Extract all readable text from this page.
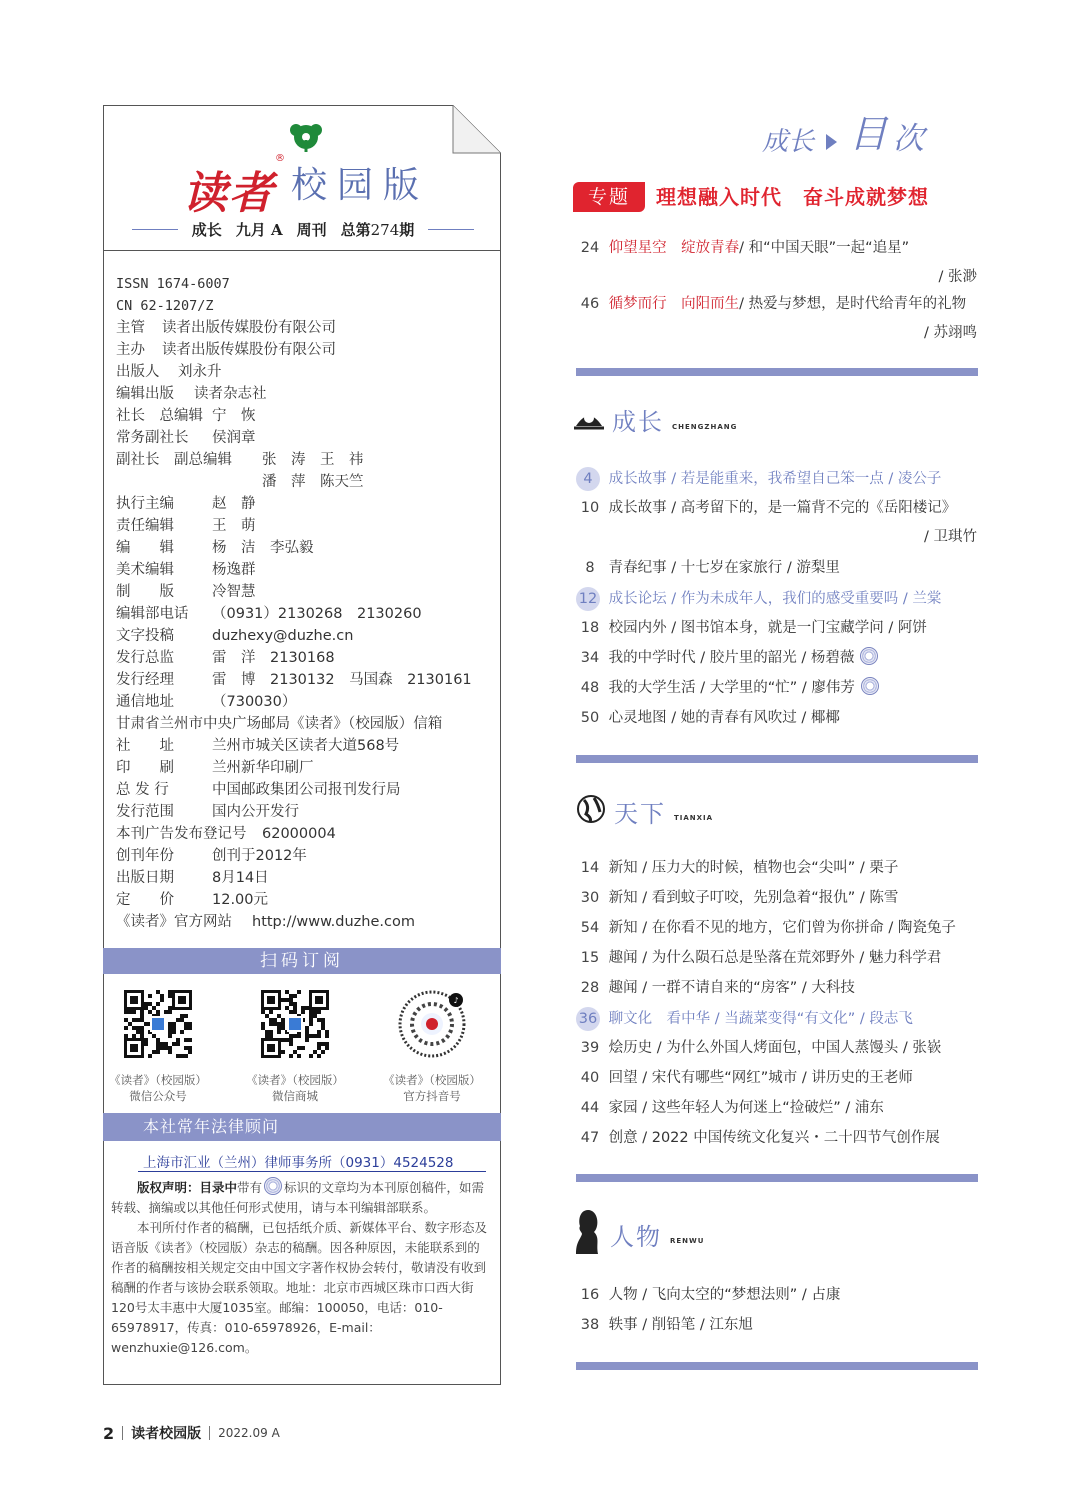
读者
®
校园版
成长 九月 A 周刊 总第274期
ISSN 1674-6007
CN 62-1207/Z
主管 读者出版传媒股份有限公司
主办 读者出版传媒股份有限公司
出版人 刘永升
编辑出版 读者杂志社
社长　总编辑 宁　恢
常务副社长 侯润章
副社长　副总编辑 张　涛　王　祎
潘　萍　陈天竺
执行主编	赵　静
责任编辑	王　萌
编　　辑	杨　洁　李弘毅
美术编辑	杨逸群
制　　版	冷智慧
编辑部电话 （0931）2130268　2130260
文字投稿	duzhexy@duzhe.cn
发行总监	雷　洋　2130168
发行经理	雷　博　2130132　马国森　2130161
通信地址	（730030）
甘肃省兰州市中央广场邮局《读者》（校园版）信箱
社　　址	兰州市城关区读者大道568号
印　　刷	兰州新华印刷厂
总 发 行	中国邮政集团公司报刊发行局
发行范围	国内公开发行
本刊广告发布登记号 62000004
创刊年份	创刊于2012年
出版日期	8月14日
定　　价	12.00元
《读者》官方网站 http://www.duzhe.com
扫码订阅
《读者》（校园版）
微信公众号
《读者》（校园版）
微信商城
♪
《读者》（校园版）
官方抖音号
本社常年法律顾问
上海市汇业（兰州）律师事务所（0931）4524528

版权声明：目录中带有 标识的文章均为本刊原创稿件，如需转载、摘编或以其他任何形式使用，请与本刊编辑部联系。

本刊所付作者的稿酬，已包括纸介质、新媒体平台、数字形态及语音版《读者》（校园版）杂志的稿酬。因各种原因，未能联系到的作者的稿酬按相关规定交由中国文字著作权协会转付，敬请没有收到稿酬的作者与该协会联系领取。地址：北京市西城区珠市口西大街120号太丰惠中大厦1035室。邮编：100050，电话：010-65978917，传真：010-65978926，E-mail：wenzhuxie@126.com。

2 读者校园版 2022.09 A
成长 目 次
专题	理想融入时代　奋斗成就梦想
24 仰望星空　绽放青春/ 和“中国天眼”一起“追星”
/ 张渺
46 循梦而行　向阳而生/ 热爱与梦想，是时代给青年的礼物
/ 苏翊鸣
成长 CHENGZHANG
天下 TIANXIA
人物 RENWU
4 成长故事 / 若是能重来，我希望自己笨一点 / 凌公子
10 成长故事 / 高考留下的，是一篇背不完的《岳阳楼记》
/ 卫琪竹
8 青春纪事 / 十七岁在家旅行 / 游梨里
12 成长论坛 / 作为未成年人，我们的感受重要吗 / 兰棠
18 校园内外 / 图书馆本身，就是一门宝藏学问 / 阿饼
34 我的中学时代 / 胶片里的韶光 / 杨碧薇
48 我的大学生活 / 大学里的“忙” / 廖伟芳
50 心灵地图 / 她的青春有风吹过 / 椰椰
14 新知 / 压力大的时候，植物也会“尖叫” / 栗子
30 新知 / 看到蚊子叮咬，先别急着“报仇” / 陈雪
54 新知 / 在你看不见的地方，它们曾为你拼命 / 陶瓷兔子
15 趣闻 / 为什么陨石总是坠落在荒郊野外 / 魅力科学君
28 趣闻 / 一群不请自来的“房客” / 大科技
36 聊文化　看中华 / 当蔬菜变得“有文化” / 段志飞
39 烩历史 / 为什么外国人烤面包，中国人蒸馒头 / 张嵚
40 回望 / 宋代有哪些“网红”城市 / 讲历史的王老师
44 家园 / 这些年轻人为何迷上“捡破烂” / 浦东
47 创意 / 2022 中国传统文化复兴・二十四节气创作展
16 人物 / 飞向太空的“梦想法则” / 占康
38 轶事 / 削铅笔 / 江东旭
